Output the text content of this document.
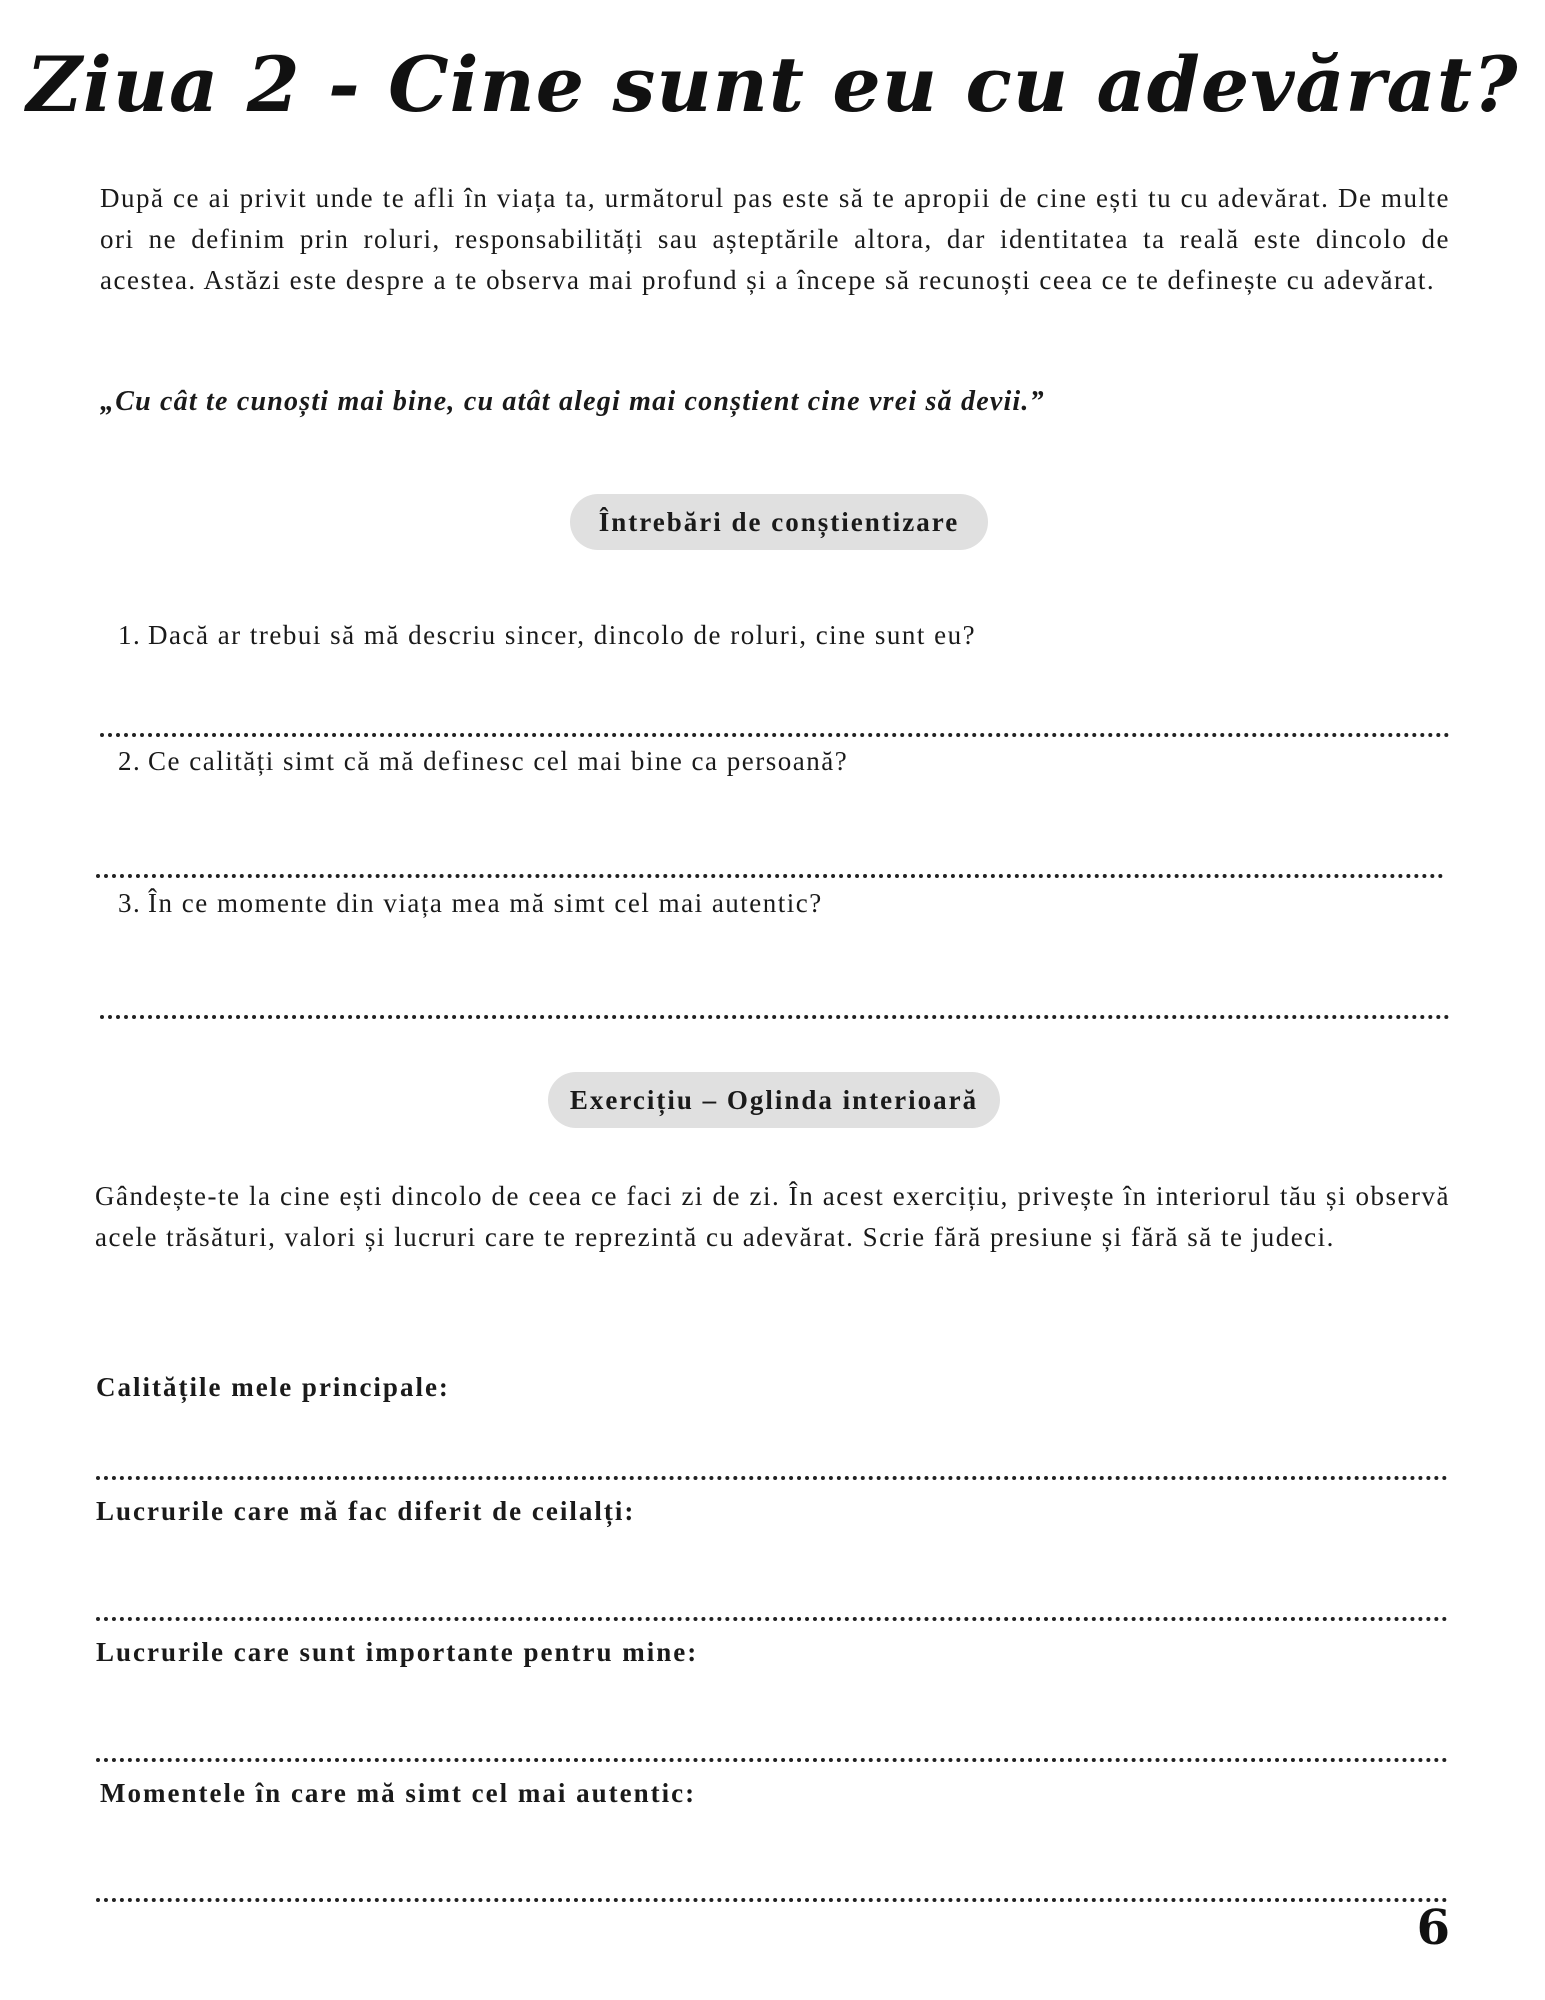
Ziua 2 - Cine sunt eu cu adevărat?

După ce ai privit unde te afli în viața ta, următorul pas este să te apropii de cine ești tu cu adevărat. De multe ori ne definim prin roluri, responsabilități sau așteptările altora, dar identitatea ta reală este dincolo de acestea. Astăzi este despre a te observa mai profund și a începe să recunoști ceea ce te definește cu adevărat.

„Cu cât te cunoști mai bine, cu atât alegi mai conștient cine vrei să devii.”

Întrebări de conștientizare
1. Dacă ar trebui să mă descriu sincer, dincolo de roluri, cine sunt eu?
2. Ce calități simt că mă definesc cel mai bine ca persoană?
3. În ce momente din viața mea mă simt cel mai autentic?
Exercițiu – Oglinda interioară

Gândește-te la cine ești dincolo de ceea ce faci zi de zi. În acest exercițiu, privește în interiorul tău și observă acele trăsături, valori și lucruri care te reprezintă cu adevărat. Scrie fără presiune și fără să te judeci.

Calitățile mele principale:
Lucrurile care mă fac diferit de ceilalți:
Lucrurile care sunt importante pentru mine:
Momentele în care mă simt cel mai autentic:
6
